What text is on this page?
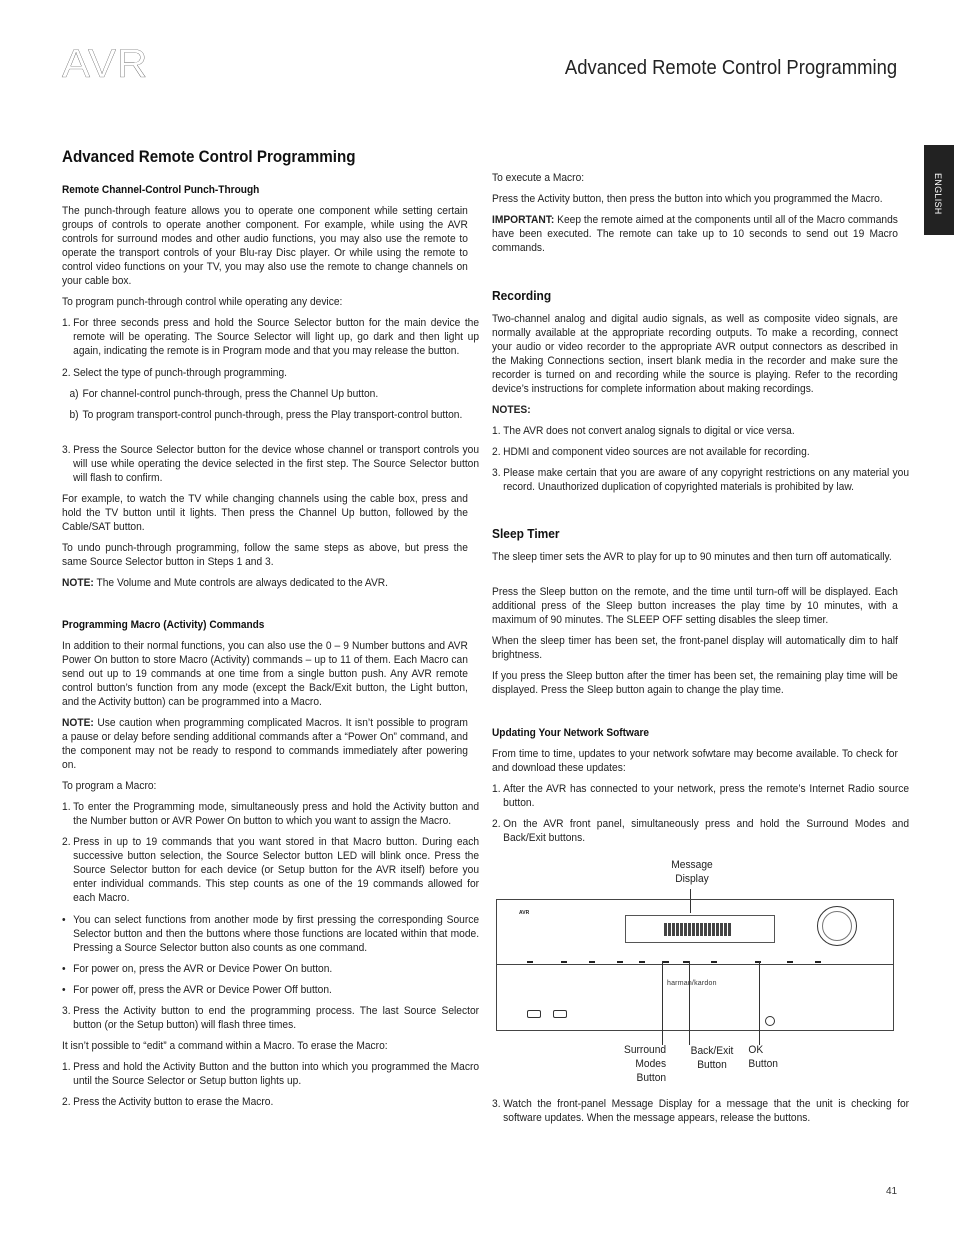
AVR	Advanced Remote Control Programming
ENGLISH
Advanced Remote Control Programming
Remote Channel-Control Punch-Through

The punch-through feature allows you to operate one component while setting certain groups of controls to operate another component. For example, while using the AVR controls for surround modes and other audio functions, you may also use the remote to operate the transport controls of your Blu-ray Disc player. Or while using the remote to control video functions on your TV, you may also use the remote to change channels on your cable box.

To program punch-through control while operating any device:

1. For three seconds press and hold the Source Selector button for the main device the remote will be operating. The Source Selector will light up, go dark and then light up again, indicating the remote is in Program mode and that you may release the button.
2. Select the type of punch-through programming.
a) For channel-control punch-through, press the Channel Up button.
b) To program transport-control punch-through, press the Play transport-control button.
3. Press the Source Selector button for the device whose channel or transport controls you will use while operating the device selected in the first step. The Source Selector button will flash to confirm.

For example, to watch the TV while changing channels using the cable box, press and hold the TV button until it lights. Then press the Channel Up button, followed by the Cable/SAT button.

To undo punch-through programming, follow the same steps as above, but press the same Source Selector button in Steps 1 and 3.

NOTE: The Volume and Mute controls are always dedicated to the AVR.

Programming Macro (Activity) Commands

In addition to their normal functions, you can also use the 0 – 9 Number buttons and AVR Power On button to store Macro (Activity) commands – up to 11 of them. Each Macro can send out up to 19 commands at one time from a single button push. Any AVR remote control button’s function from any mode (except the Back/Exit button, the Light button, and the Activity button) can be programmed into a Macro.

NOTE: Use caution when programming complicated Macros. It isn’t possible to program a pause or delay before sending additional commands after a “Power On” command, and the component may not be ready to respond to commands immediately after powering on.

To program a Macro:

1. To enter the Programming mode, simultaneously press and hold the Activity button and the Number button or AVR Power On button to which you want to assign the Macro.
2. Press in up to 19 commands that you want stored in that Macro button. During each successive button selection, the Source Selector button LED will blink once. Press the Source Selector button for each device (or Setup button for the AVR itself) before you enter individual commands. This step counts as one of the 19 commands allowed for each Macro.
• You can select functions from another mode by first pressing the corresponding Source Selector button and then the buttons where those functions are located within that mode. Pressing a Source Selector button also counts as one command.
• For power on, press the AVR or Device Power On button.
• For power off, press the AVR or Device Power Off button.
3. Press the Activity button to end the programming process. The last Source Selector button (or the Setup button) will flash three times.

It isn’t possible to “edit” a command within a Macro. To erase the Macro:

1. Press and hold the Activity Button and the button into which you programmed the Macro until the Source Selector or Setup button lights up.
2. Press the Activity button to erase the Macro.

To execute a Macro:

Press the Activity button, then press the button into which you programmed the Macro.

IMPORTANT: Keep the remote aimed at the components until all of the Macro commands have been executed. The remote can take up to 10 seconds to send out 19 Macro commands.

Recording

Two-channel analog and digital audio signals, as well as composite video signals, are normally available at the appropriate recording outputs. To make a recording, connect your audio or video recorder to the appropriate AVR output connectors as described in the Making Connections section, insert blank media in the recorder and make sure the recorder is turned on and recording while the source is playing. Refer to the recording device’s instructions for complete information about making recordings.

NOTES:

1. The AVR does not convert analog signals to digital or vice versa.
2. HDMI and component video sources are not available for recording.
3. Please make certain that you are aware of any copyright restrictions on any material you record. Unauthorized duplication of copyrighted materials is prohibited by law.
Sleep Timer

The sleep timer sets the AVR to play for up to 90 minutes and then turn off automatically.

Press the Sleep button on the remote, and the time until turn-off will be displayed. Each additional press of the Sleep button increases the play time by 10 minutes, with a maximum of 90 minutes. The SLEEP OFF setting disables the sleep timer.

When the sleep timer has been set, the front-panel display will automatically dim to half brightness.

If you press the Sleep button after the timer has been set, the remaining play time will be displayed. Press the Sleep button again to change the play time.

Updating Your Network Software

From time to time, updates to your network sofwtare may become available. To check for and download these updates:

1. After the AVR has connected to your network, press the remote’s Internet Radio source button.
2. On the AVR front panel, simultaneously press and hold the Surround Modes and Back/Exit buttons.
3. Watch the front-panel Message Display for a message that the unit is checking for software updates. When the message appears, release the buttons.
Message
Display
AVR
harman/kardon
Surround
Modes
Button
Back/Exit
Button
OK
Button
41
